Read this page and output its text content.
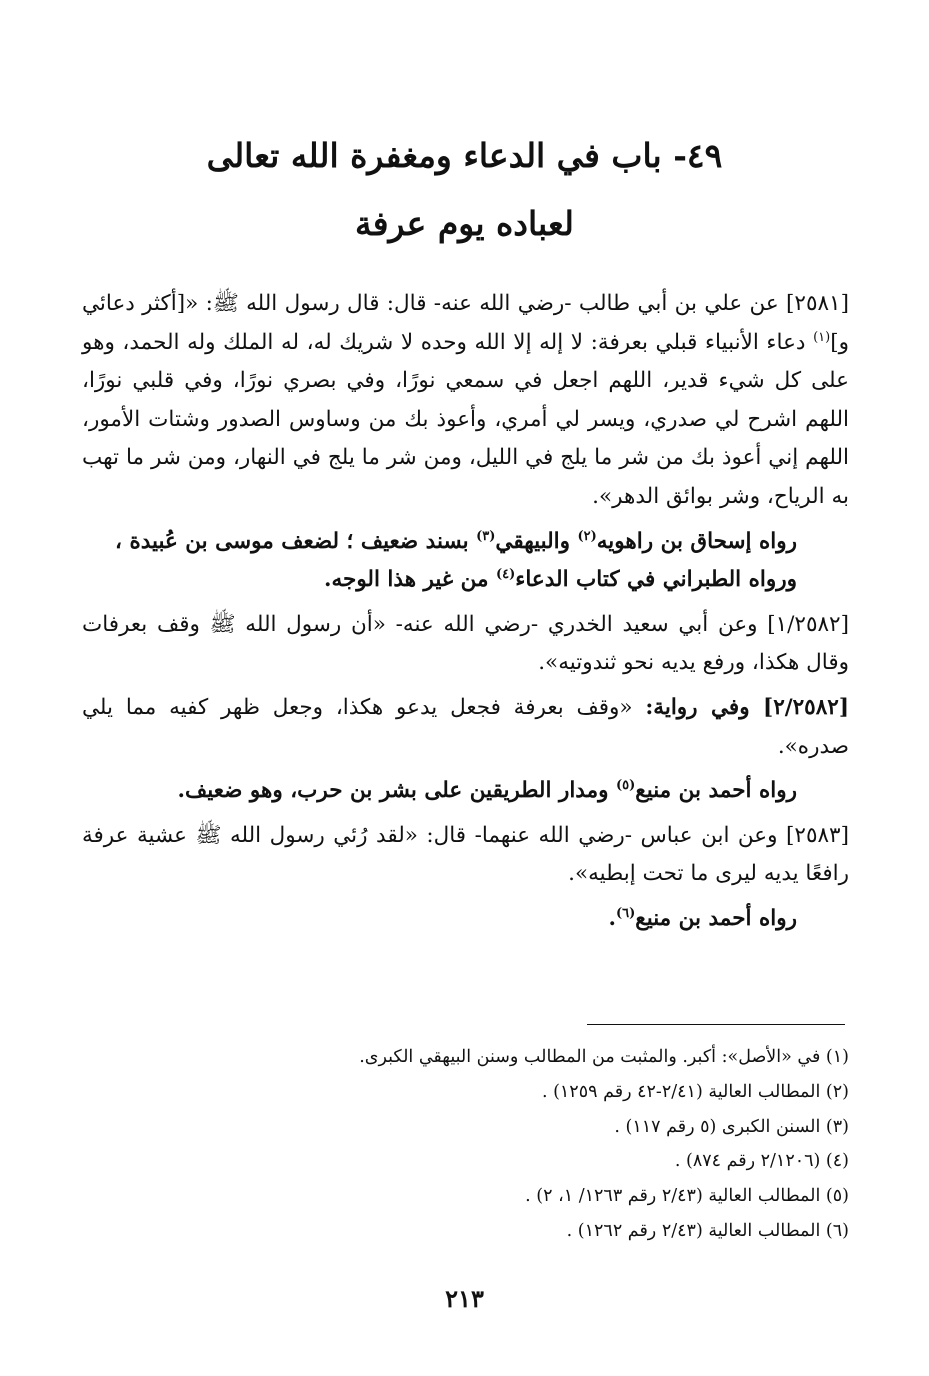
٤٩- باب في الدعاء ومغفرة الله تعالى
لعباده يوم عرفة

[٢٥٨١] عن علي بن أبي طالب -رضي الله عنه- قال: قال رسول الله ﷺ: «[أكثر دعائي و]$^{(١)}$ دعاء الأنبياء قبلي بعرفة: لا إله إلا الله وحده لا شريك له، له الملك وله الحمد، وهو على كل شيء قدير، اللهم اجعل في سمعي نورًا، وفي بصري نورًا، وفي قلبي نورًا، اللهم اشرح لي صدري، ويسر لي أمري، وأعوذ بك من وساوس الصدور وشتات الأمور، اللهم إني أعوذ بك من شر ما يلج في الليل، ومن شر ما يلج في النهار، ومن شر ما تهب به الرياح، وشر بوائق الدهر».

رواه إسحاق بن راهويه$^{(٢)}$ والبيهقي$^{(٣)}$ بسند ضعيف ؛ لضعف موسى بن عُبيدة ، ورواه الطبراني في كتاب الدعاء$^{(٤)}$ من غير هذا الوجه.

[١/٢٥٨٢] وعن أبي سعيد الخدري -رضي الله عنه- «أن رسول الله ﷺ وقف بعرفات وقال هكذا، ورفع يديه نحو ثندوتيه».

[٢/٢٥٨٢] وفي رواية: «وقف بعرفة فجعل يدعو هكذا، وجعل ظهر كفيه مما يلي صدره».

رواه أحمد بن منيع$^{(٥)}$ ومدار الطريقين على بشر بن حرب، وهو ضعيف.

[٢٥٨٣] وعن ابن عباس -رضي الله عنهما- قال: «لقد رُئي رسول الله ﷺ عشية عرفة رافعًا يديه ليرى ما تحت إبطيه».

رواه أحمد بن منيع$^{(٦)}$.

(١) في «الأصل»: أكبر. والمثبت من المطالب وسنن البيهقي الكبرى.
(٢) المطالب العالية (٢/٤١-٤٢ رقم ١٢٥٩) .
(٣) السنن الكبرى (٥ رقم ١١٧) .
(٤) (٢/١٢٠٦ رقم ٨٧٤) .
(٥) المطالب العالية (٢/٤٣ رقم ١٢٦٣/ ١، ٢) .
(٦) المطالب العالية (٢/٤٣ رقم ١٢٦٢) .
٢١٣
